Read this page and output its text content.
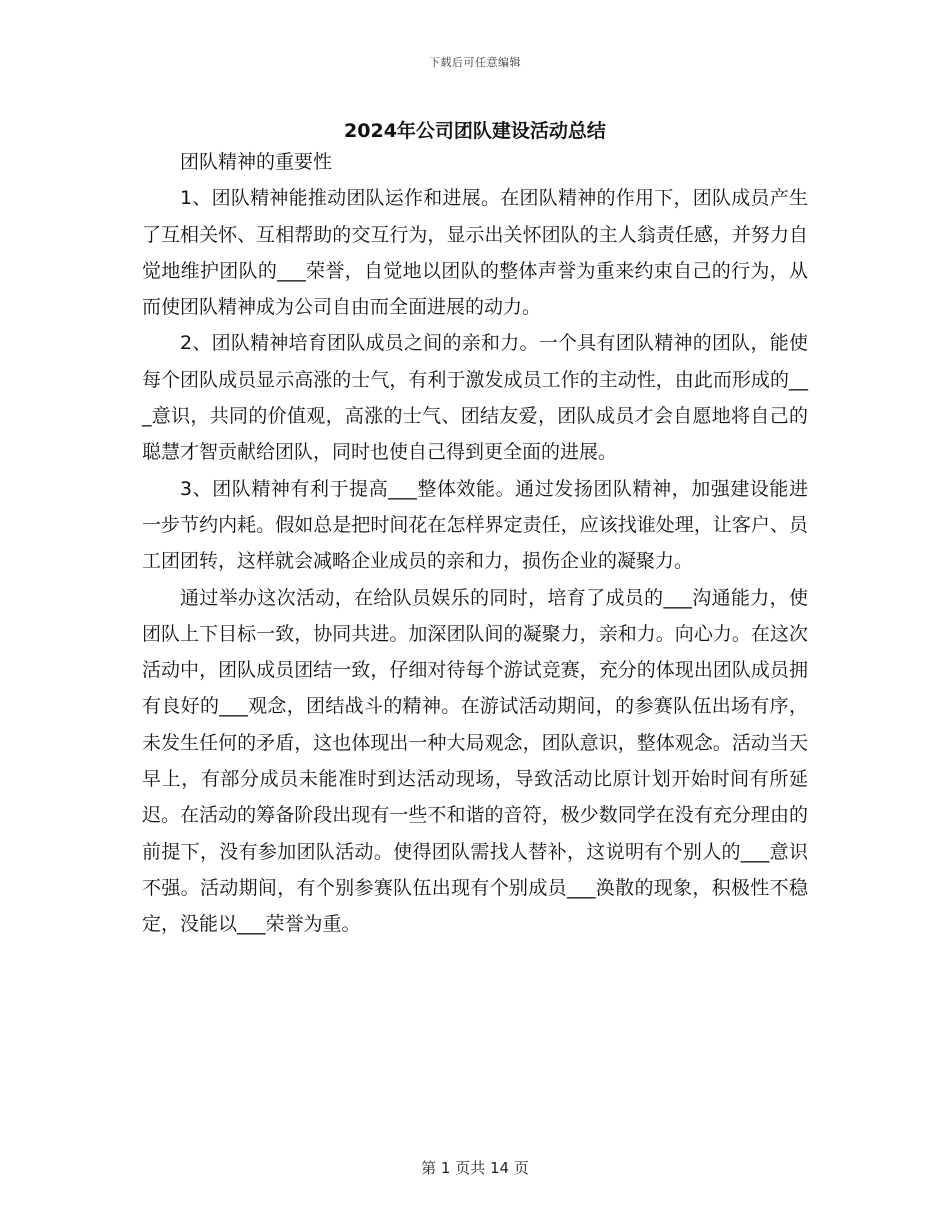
下载后可任意编辑
2024年公司团队建设活动总结

团队精神的重要性

1、团队精神能推动团队运作和进展。在团队精神的作用下，团队成员产生了互相关怀、互相帮助的交互行为，显示出关怀团队的主人翁责任感，并努力自觉地维护团队的___荣誉，自觉地以团队的整体声誉为重来约束自己的行为，从而使团队精神成为公司自由而全面进展的动力。

2、团队精神培育团队成员之间的亲和力。一个具有团队精神的团队，能使每个团队成员显示高涨的士气，有利于激发成员工作的主动性，由此而形成的___意识，共同的价值观，高涨的士气、团结友爱，团队成员才会自愿地将自己的聪慧才智贡献给团队，同时也使自己得到更全面的进展。

3、团队精神有利于提高___整体效能。通过发扬团队精神，加强建设能进一步节约内耗。假如总是把时间花在怎样界定责任，应该找谁处理，让客户、员工团团转，这样就会减略企业成员的亲和力，损伤企业的凝聚力。

通过举办这次活动，在给队员娱乐的同时，培育了成员的___沟通能力，使团队上下目标一致，协同共进。加深团队间的凝聚力，亲和力。向心力。在这次活动中，团队成员团结一致，仔细对待每个游试竞赛，充分的体现出团队成员拥有良好的___观念，团结战斗的精神。在游试活动期间，的参赛队伍出场有序，未发生任何的矛盾，这也体现出一种大局观念，团队意识，整体观念。活动当天早上，有部分成员未能准时到达活动现场，导致活动比原计划开始时间有所延迟。在活动的筹备阶段出现有一些不和谐的音符，极少数同学在没有充分理由的前提下，没有参加团队活动。使得团队需找人替补，这说明有个别人的___意识不强。活动期间，有个别参赛队伍出现有个别成员___涣散的现象，积极性不稳定，没能以___荣誉为重。

第 1 页共 14 页
